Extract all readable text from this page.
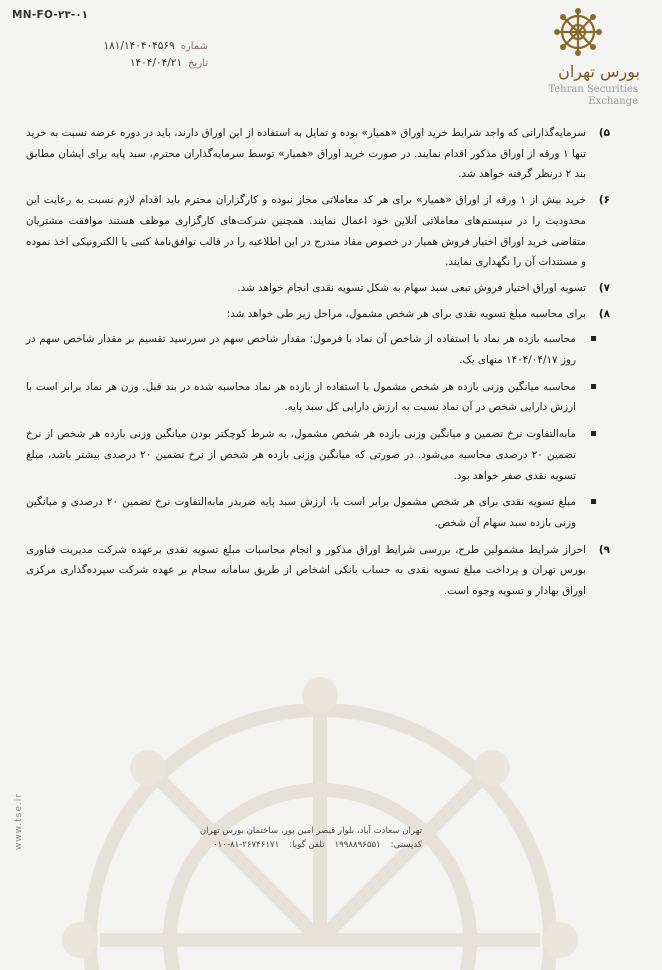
MN-FO-۲۳-۰۱
شماره
۱۸۱/۱۴۰۴۰۴۵۶۹
تاریخ
۱۴۰۴/۰۴/۲۱	بورس تهران
Tehran Securities
Exchange
۵)
سرمایه‌گذارانی که واجد شرایط خرید اوراق «همیار» بوده و تمایل به استفاده از این اوراق دارند، باید در دوره عرضه نسبت به خرید تنها ۱ ورقه از اوراق مذکور اقدام نمایند. در صورت خرید اوراق «همیار» توسط سرمایه‌گذاران محترم، سبد پایه برای ایشان مطابق بند ۲ درنظر گرفته خواهد شد.
۶)
خرید بیش از ۱ ورقه از اوراق «همیار» برای هر کد معاملاتی مجاز نبوده و کارگزاران محترم باید اقدام لازم نسبت به رعایت این محدودیت را در سیستم‌های معاملاتی آنلاین خود اعمال نمایند. همچنین شرکت‌های کارگزاری موظف هستند موافقت مشتریان متقاضی خرید اوراق اختیار فروش همیار در خصوص مفاد مندرج در این اطلاعیه را در قالب توافق‌نامهٔ کتبی یا الکترونیکی اخذ نموده و مستندات آن را نگهداری نمایند.
۷)
تسویه اوراق اختیار فروش تبعی سبد سهام به شکل تسویه نقدی انجام خواهد شد.
۸)
برای محاسبه مبلغ تسویه نقدی برای هر شخص مشمول، مراحل زیر طی خواهد شد:
محاسبه بازده هر نماد با استفاده از شاخص آن نماد با فرمول: مقدار شاخص سهم در سررسید تقسیم بر مقدار شاخص سهم در روز ۱۴۰۴/۰۴/۱۷ منهای یک.
محاسبه میانگین وزنی بازده هر شخص مشمول با استفاده از بازده هر نماد محاسبه شده در بند قبل. وزن هر نماد برابر است با ارزش دارایی شخص در آن نماد نسبت به ارزش دارایی کل سبد پایه.
مابه‌التفاوت نرخ تضمین و میانگین وزنی بازده هر شخص مشمول، به شرط کوچکتر بودن میانگین وزنی بازده هر شخص از نرخ تضمین ۲۰ درصدی محاسبه می‌شود. در صورتی که میانگین وزنی بازده هر شخص از نرخ تضمین ۲۰ درصدی بیشتر باشد، مبلغ تسویه نقدی صفر خواهد بود.
مبلغ تسویه نقدی برای هر شخص مشمول برابر است با، ارزش سبد پایه ضربدر مابه‌التفاوت نرخ تضمین ۲۰ درصدی و میانگین وزنی بازده سبد سهام آن شخص.
۹)
احراز شرایط مشمولین طرح، بررسی شرایط اوراق مذکور و انجام محاسبات مبلغ تسویه نقدی برعهده شرکت مدیریت فناوری بورس تهران و پرداخت مبلغ تسویه نقدی به حساب بانکی اشخاص از طریق سامانه سجام بر عهده شرکت سپرده‌گذاری مرکزی اوراق بهادار و تسویه وجوه است.
www.tse.ir	تهران سعادت آباد، بلوار قیصر امین پور، ساختمان بورس تهران
کدپستی:
۱۹۹۸۸۹۶۵۵۱
تلفن گویا:
۰۱۰-۸۱-۲۶۷۴۶۱۷۱
